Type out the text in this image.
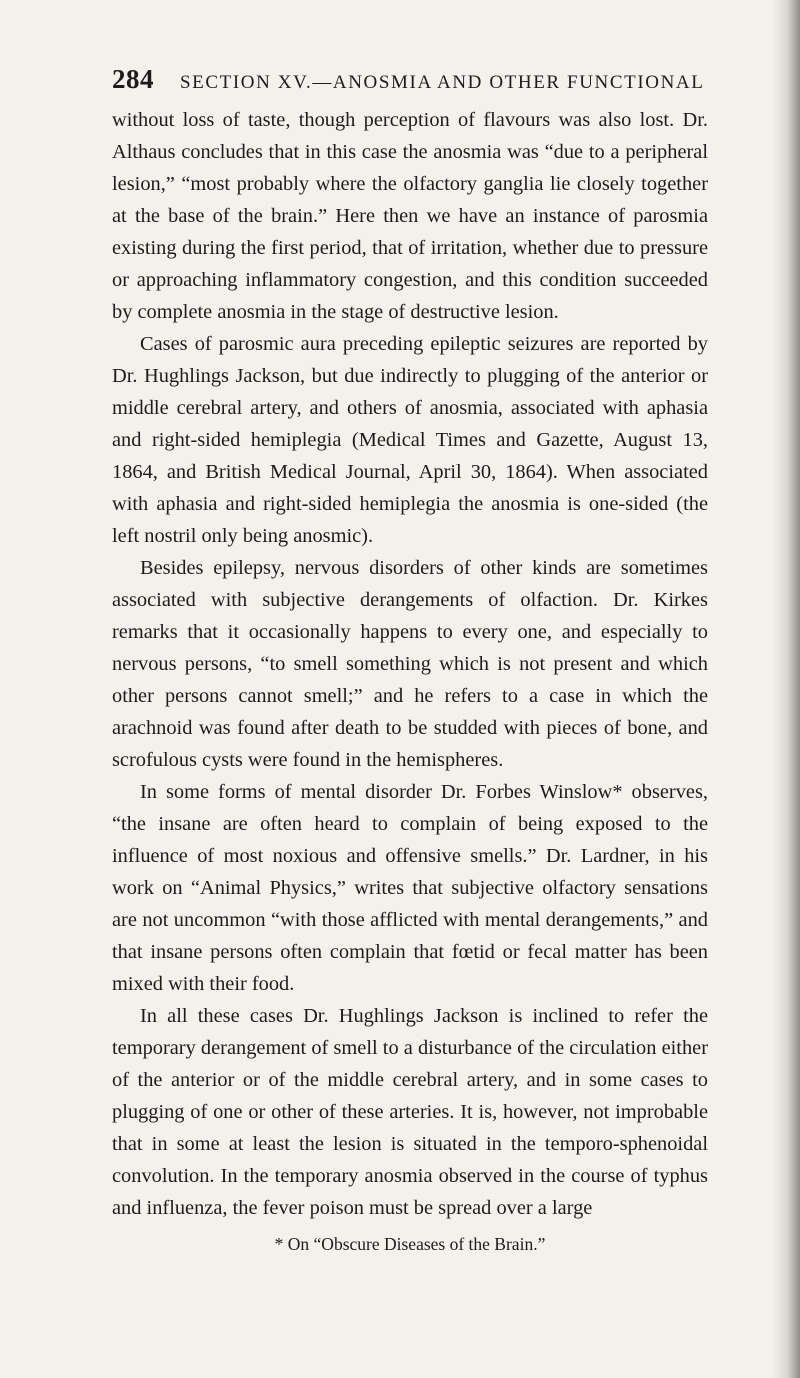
284 SECTION XV.—ANOSMIA AND OTHER FUNCTIONAL

without loss of taste, though perception of flavours was also lost. Dr. Althaus concludes that in this case the anosmia was “due to a peripheral lesion,” “most probably where the olfactory ganglia lie closely together at the base of the brain.” Here then we have an instance of parosmia existing during the first period, that of irritation, whether due to pressure or approaching inflammatory congestion, and this condition succeeded by complete anosmia in the stage of destructive lesion.

Cases of parosmic aura preceding epileptic seizures are reported by Dr. Hughlings Jackson, but due indirectly to plugging of the anterior or middle cerebral artery, and others of anosmia, associated with aphasia and right-sided hemiplegia (Medical Times and Gazette, August 13, 1864, and British Medical Journal, April 30, 1864). When associated with aphasia and right-sided hemiplegia the anosmia is one-sided (the left nostril only being anosmic).

Besides epilepsy, nervous disorders of other kinds are sometimes associated with subjective derangements of olfaction. Dr. Kirkes remarks that it occasionally happens to every one, and especially to nervous persons, “to smell something which is not present and which other persons cannot smell;” and he refers to a case in which the arachnoid was found after death to be studded with pieces of bone, and scrofulous cysts were found in the hemispheres.

In some forms of mental disorder Dr. Forbes Winslow* observes, “the insane are often heard to complain of being exposed to the influence of most noxious and offensive smells.” Dr. Lardner, in his work on “Animal Physics,” writes that subjective olfactory sensations are not uncommon “with those afflicted with mental derangements,” and that insane persons often complain that fœtid or fecal matter has been mixed with their food.

In all these cases Dr. Hughlings Jackson is inclined to refer the temporary derangement of smell to a disturbance of the circulation either of the anterior or of the middle cerebral artery, and in some cases to plugging of one or other of these arteries. It is, however, not improbable that in some at least the lesion is situated in the temporo-sphenoidal convolution. In the temporary anosmia observed in the course of typhus and influenza, the fever poison must be spread over a large

* On “Obscure Diseases of the Brain.”
